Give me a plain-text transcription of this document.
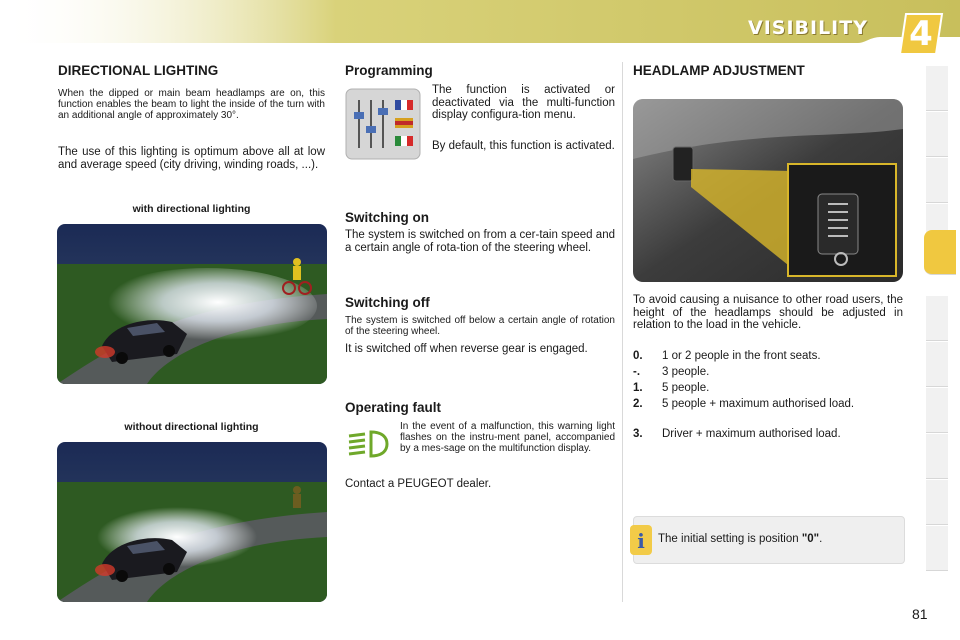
VISIBILITY	4
DIRECTIONAL LIGHTING

When the dipped or main beam headlamps are on, this function enables the beam to light the inside of the turn with an additional angle of approximately 30°.

The use of this lighting is optimum above all at low and average speed (city driving, winding roads, ...).

with directional lighting
without directional lighting
Programming

The function is activated or deactivated via the multi-function display configura-tion menu.

By default, this function is activated.

Switching on

The system is switched on from a cer-tain speed and a certain angle of rota-tion of the steering wheel.

Switching off

The system is switched off below a certain angle of rotation of the steering wheel.

It is switched off when reverse gear is engaged.

Operating fault

In the event of a malfunction, this warning light flashes on the instru-ment panel, accompanied by a mes-sage on the multifunction display.

Contact a PEUGEOT dealer.

HEADLAMP ADJUSTMENT

To avoid causing a nuisance to other road users, the height of the headlamps should be adjusted in relation to the load in the vehicle.

0. 1 or 2 people in the front seats.
-. 3 people.
1. 5 people.
2. 5 people + maximum authorised load.
3. Driver + maximum authorised load.
i	The initial setting is position "0".
81
